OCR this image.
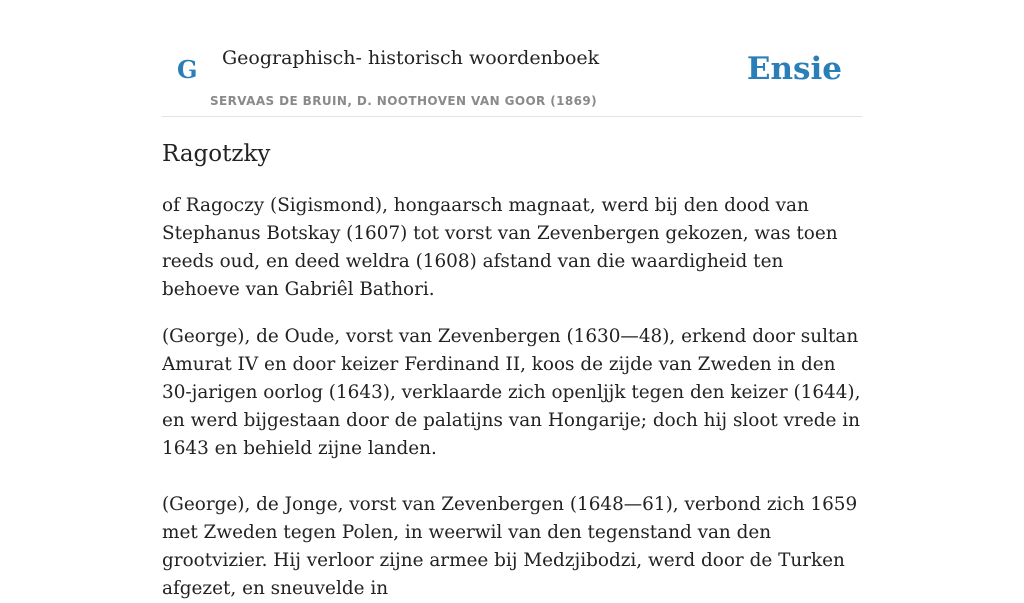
G Geographisch- historisch woordenboek
SERVAAS DE BRUIN, D. NOOTHOVEN VAN GOOR (1869)
Ensie
Ragotzky

of Ragoczy (Sigismond), hongaarsch magnaat, werd bij den dood van Stephanus Botskay (1607) tot vorst van Zevenbergen gekozen, was toen reeds oud, en deed weldra (1608) afstand van die waardigheid ten behoeve van Gabriêl Bathori.

(George), de Oude, vorst van Zevenbergen (1630—48), erkend door sultan Amurat IV en door keizer Ferdinand II, koos de zijde van Zweden in den 30-jarigen oorlog (1643), verklaarde zich openljjk tegen den keizer (1644), en werd bijgestaan door de palatijns van Hongarije; doch hij sloot vrede in 1643 en behield zijne landen.

(George), de Jonge, vorst van Zevenbergen (1648—61), verbond zich 1659 met Zweden tegen Polen, in weerwil van den tegenstand van den grootvizier. Hij verloor zijne armee bij Medzjibodzi, werd door de Turken afgezet, en sneuvelde in
